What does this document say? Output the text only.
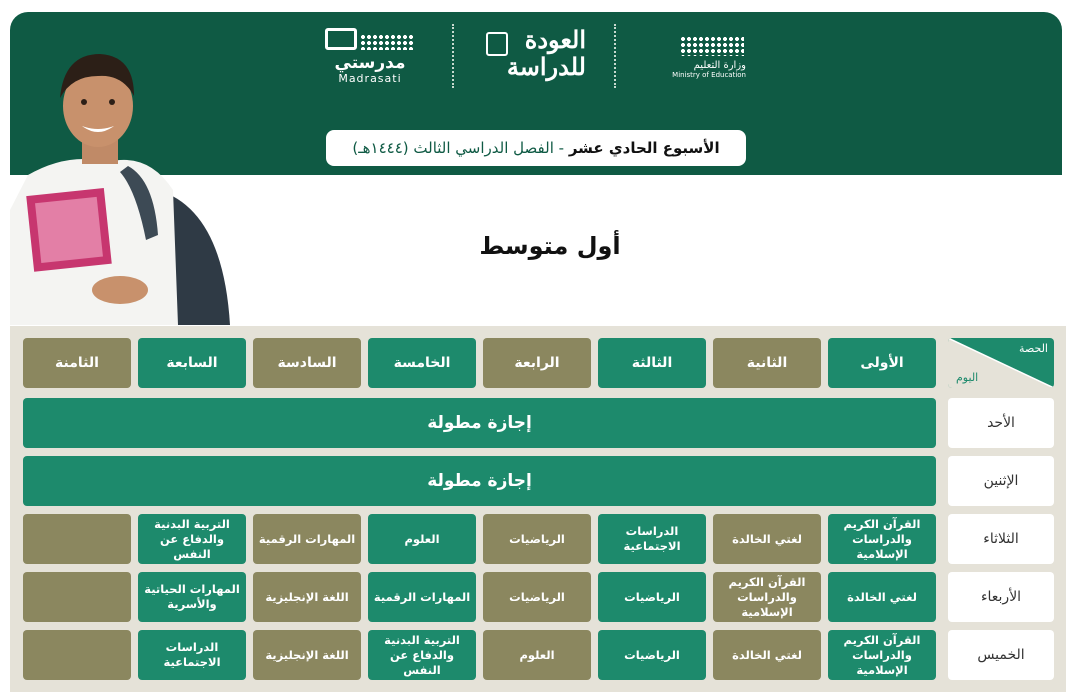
مدرستي
Madrasati
العودة
للدراسة	وزارة التعليم
Ministry of Education
الأسبوع الحادي عشر - الفصل الدراسي الثالث (١٤٤٤هـ)
أول متوسط
الحصة
اليوم
الأولى
الثانية
الثالثة
الرابعة
الخامسة
السادسة
السابعة
الثامنة
الأحد
الإثنين
الثلاثاء
الأربعاء
الخميس
إجازة مطولة
إجازة مطولة
القرآن الكريم والدراسات الإسلامية
لغتي الخالدة
الدراسات الاجتماعية
الرياضيات
العلوم
المهارات الرقمية
التربية البدنية والدفاع عن النفس
لغتي الخالدة
القرآن الكريم والدراسات الإسلامية
الرياضيات
الرياضيات
المهارات الرقمية
اللغة الإنجليزية
المهارات الحياتية والأسرية
القرآن الكريم والدراسات الإسلامية
لغتي الخالدة
الرياضيات
العلوم
التربية البدنية والدفاع عن النفس
اللغة الإنجليزية
الدراسات الاجتماعية
